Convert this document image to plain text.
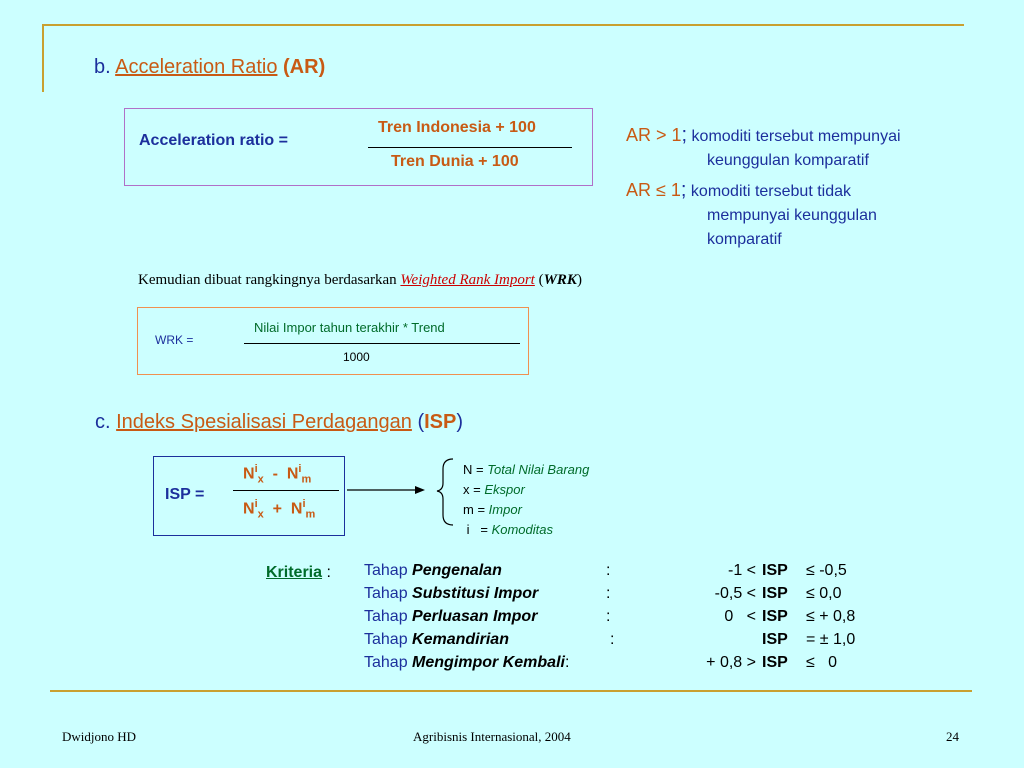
b. Acceleration Ratio (AR)
Acceleration ratio =
Tren Indonesia + 100
Tren Dunia + 100
AR > 1; komoditi tersebut mempunyai
keunggulan komparatif
AR ≤ 1; komoditi tersebut tidak
mempunyai keunggulan
komparatif
Kemudian dibuat rangkingnya berdasarkan Weighted Rank Import (WRK)
WRK =
Nilai Impor tahun terakhir * Trend
1000
c. Indeks Spesialisasi Perdagangan (ISP)
ISP =
$N^i_x - N^i_m$
$N^i_x + N^i_m$
N = Total Nilai Barang
x = Ekspor
m = Impor
i   = Komoditas
Kriteria : Tahap Pengenalan	:	-1 < ISP ≤ -0,5
Tahap Substitusi Impor	:	-0,5 < ISP ≤ 0,0
Tahap Perluasan Impor	:	0   < ISP ≤ + 0,8
Tahap Kemandirian	:	ISP = ± 1,0
Tahap Mengimpor Kembali:	+ 0,8 > ISP ≤   0
Dwidjono HD	Agribisnis Internasional, 2004	24
